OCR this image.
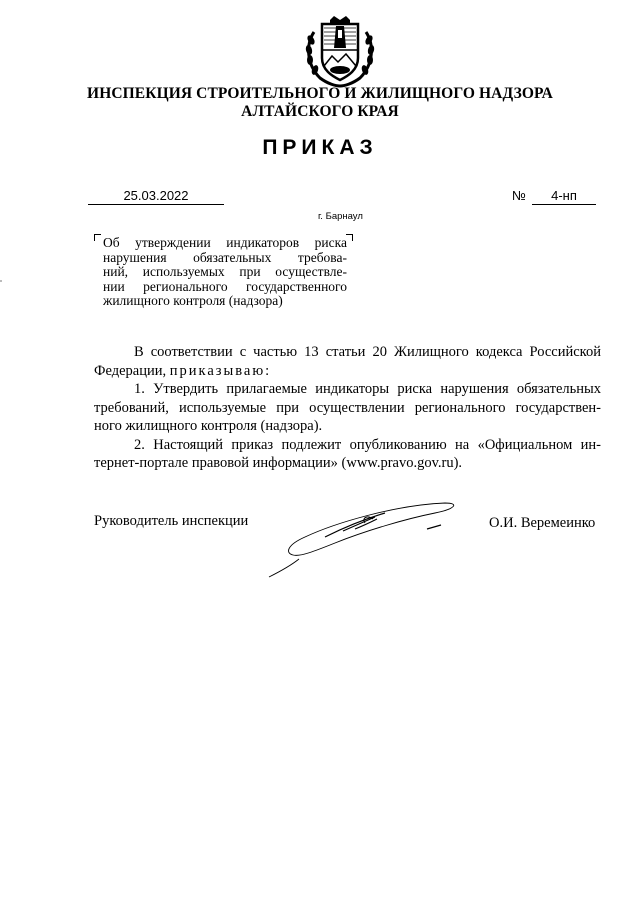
ИНСПЕКЦИЯ СТРОИТЕЛЬНОГО И ЖИЛИЩНОГО НАДЗОРА
АЛТАЙСКОГО КРАЯ
ПРИКАЗ
25.03.2022	№	4-нп
г. Барнаул
Об утверждении индикаторов риска
нарушения обязательных требова-
ний, используемых при осуществле-
нии регионального государственного
жилищного контроля (надзора)
В соответствии с частью 13 статьи 20 Жилищного кодекса Российской
Федерации, приказываю:
1. Утвердить прилагаемые индикаторы риска нарушения обязательных
требований, используемые при осуществлении регионального государствен-
ного жилищного контроля (надзора).
2. Настоящий приказ подлежит опубликованию на «Официальном ин-
тернет-портале правовой информации» (www.pravo.gov.ru).
Руководитель инспекции	О.И. Веремеинко
